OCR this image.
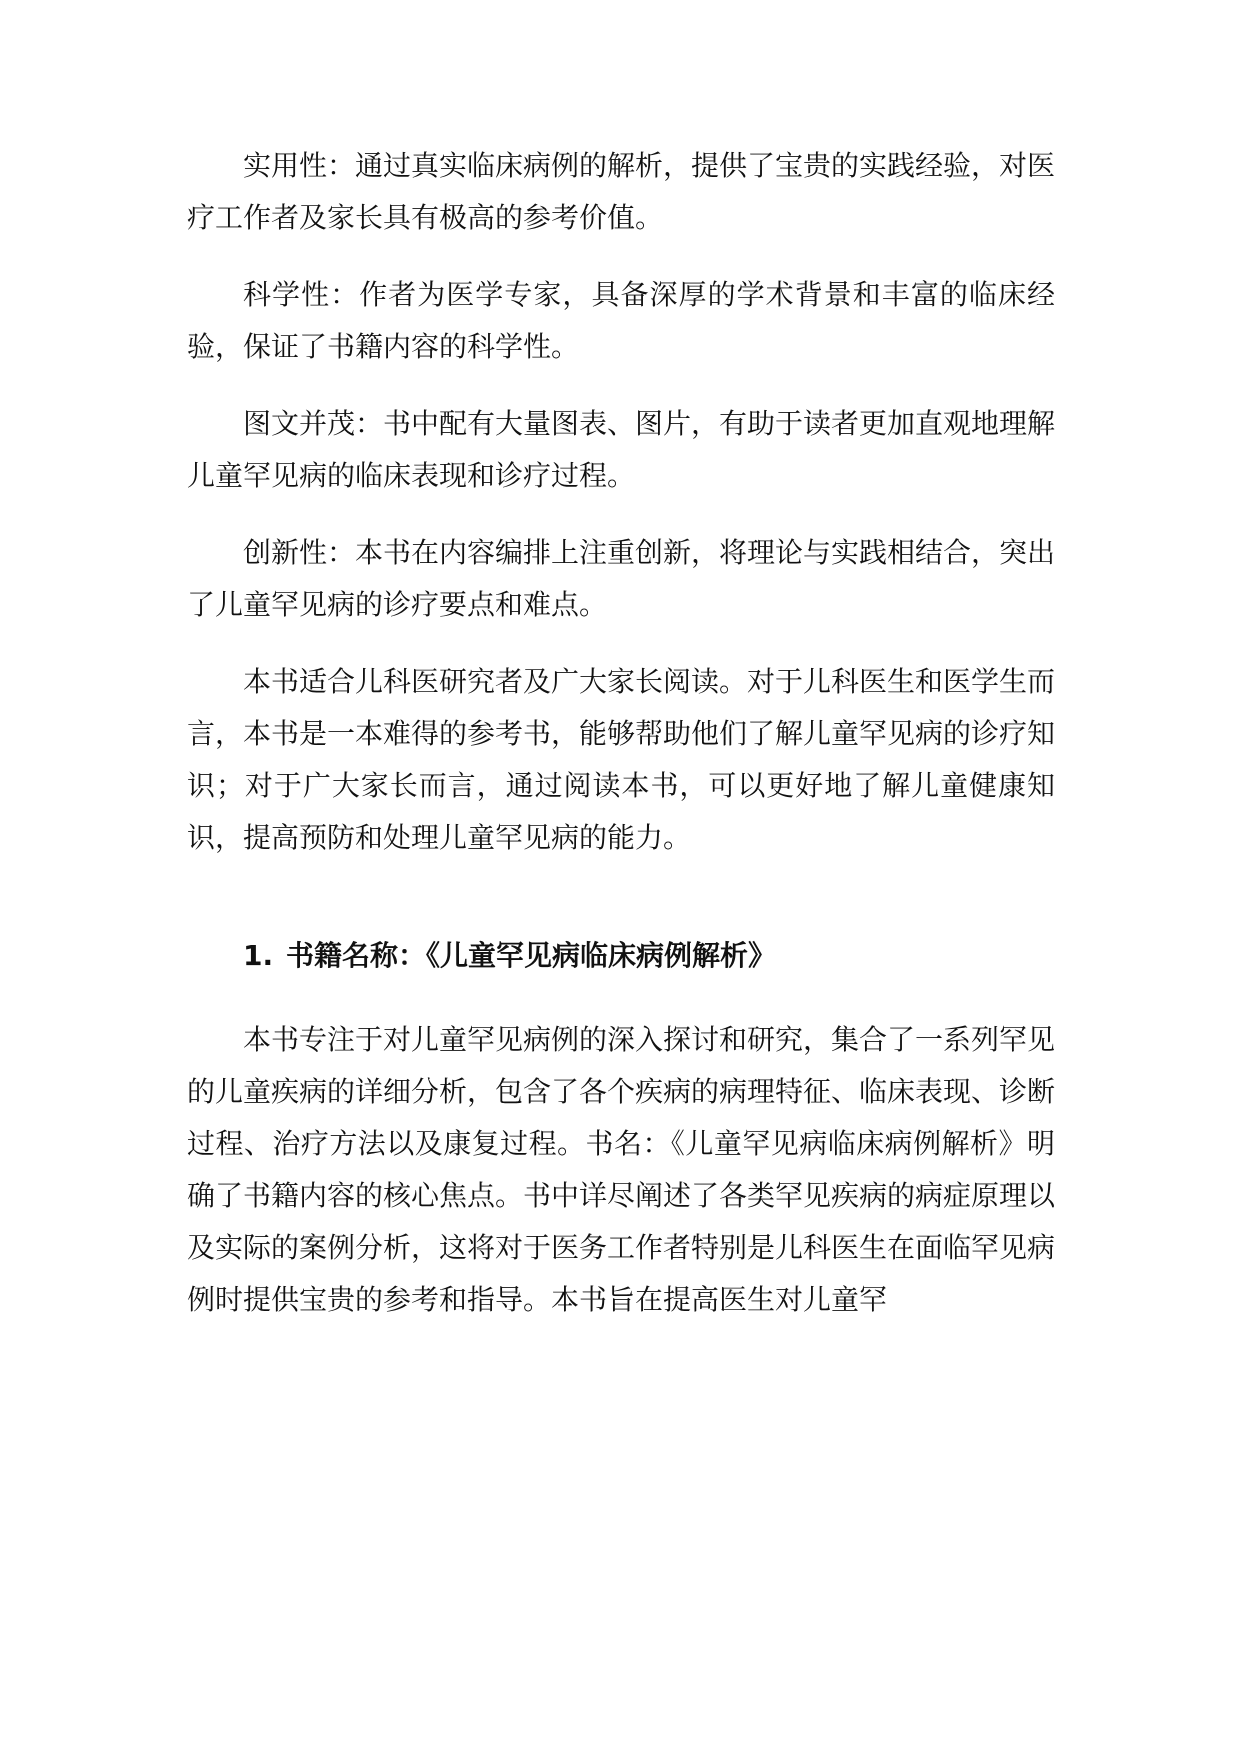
实用性：通过真实临床病例的解析，提供了宝贵的实践经验，对医疗工作者及家长具有极高的参考价值。

科学性：作者为医学专家，具备深厚的学术背景和丰富的临床经验，保证了书籍内容的科学性。

图文并茂：书中配有大量图表、图片，有助于读者更加直观地理解儿童罕见病的临床表现和诊疗过程。

创新性：本书在内容编排上注重创新，将理论与实践相结合，突出了儿童罕见病的诊疗要点和难点。

本书适合儿科医研究者及广大家长阅读。对于儿科医生和医学生而言，本书是一本难得的参考书，能够帮助他们了解儿童罕见病的诊疗知识；对于广大家长而言，通过阅读本书，可以更好地了解儿童健康知识，提高预防和处理儿童罕见病的能力。

1. 书籍名称：《儿童罕见病临床病例解析》

本书专注于对儿童罕见病例的深入探讨和研究，集合了一系列罕见的儿童疾病的详细分析，包含了各个疾病的病理特征、临床表现、诊断过程、治疗方法以及康复过程。书名：《儿童罕见病临床病例解析》明确了书籍内容的核心焦点。书中详尽阐述了各类罕见疾病的病症原理以及实际的案例分析，这将对于医务工作者特别是儿科医生在面临罕见病例时提供宝贵的参考和指导。本书旨在提高医生对儿童罕
